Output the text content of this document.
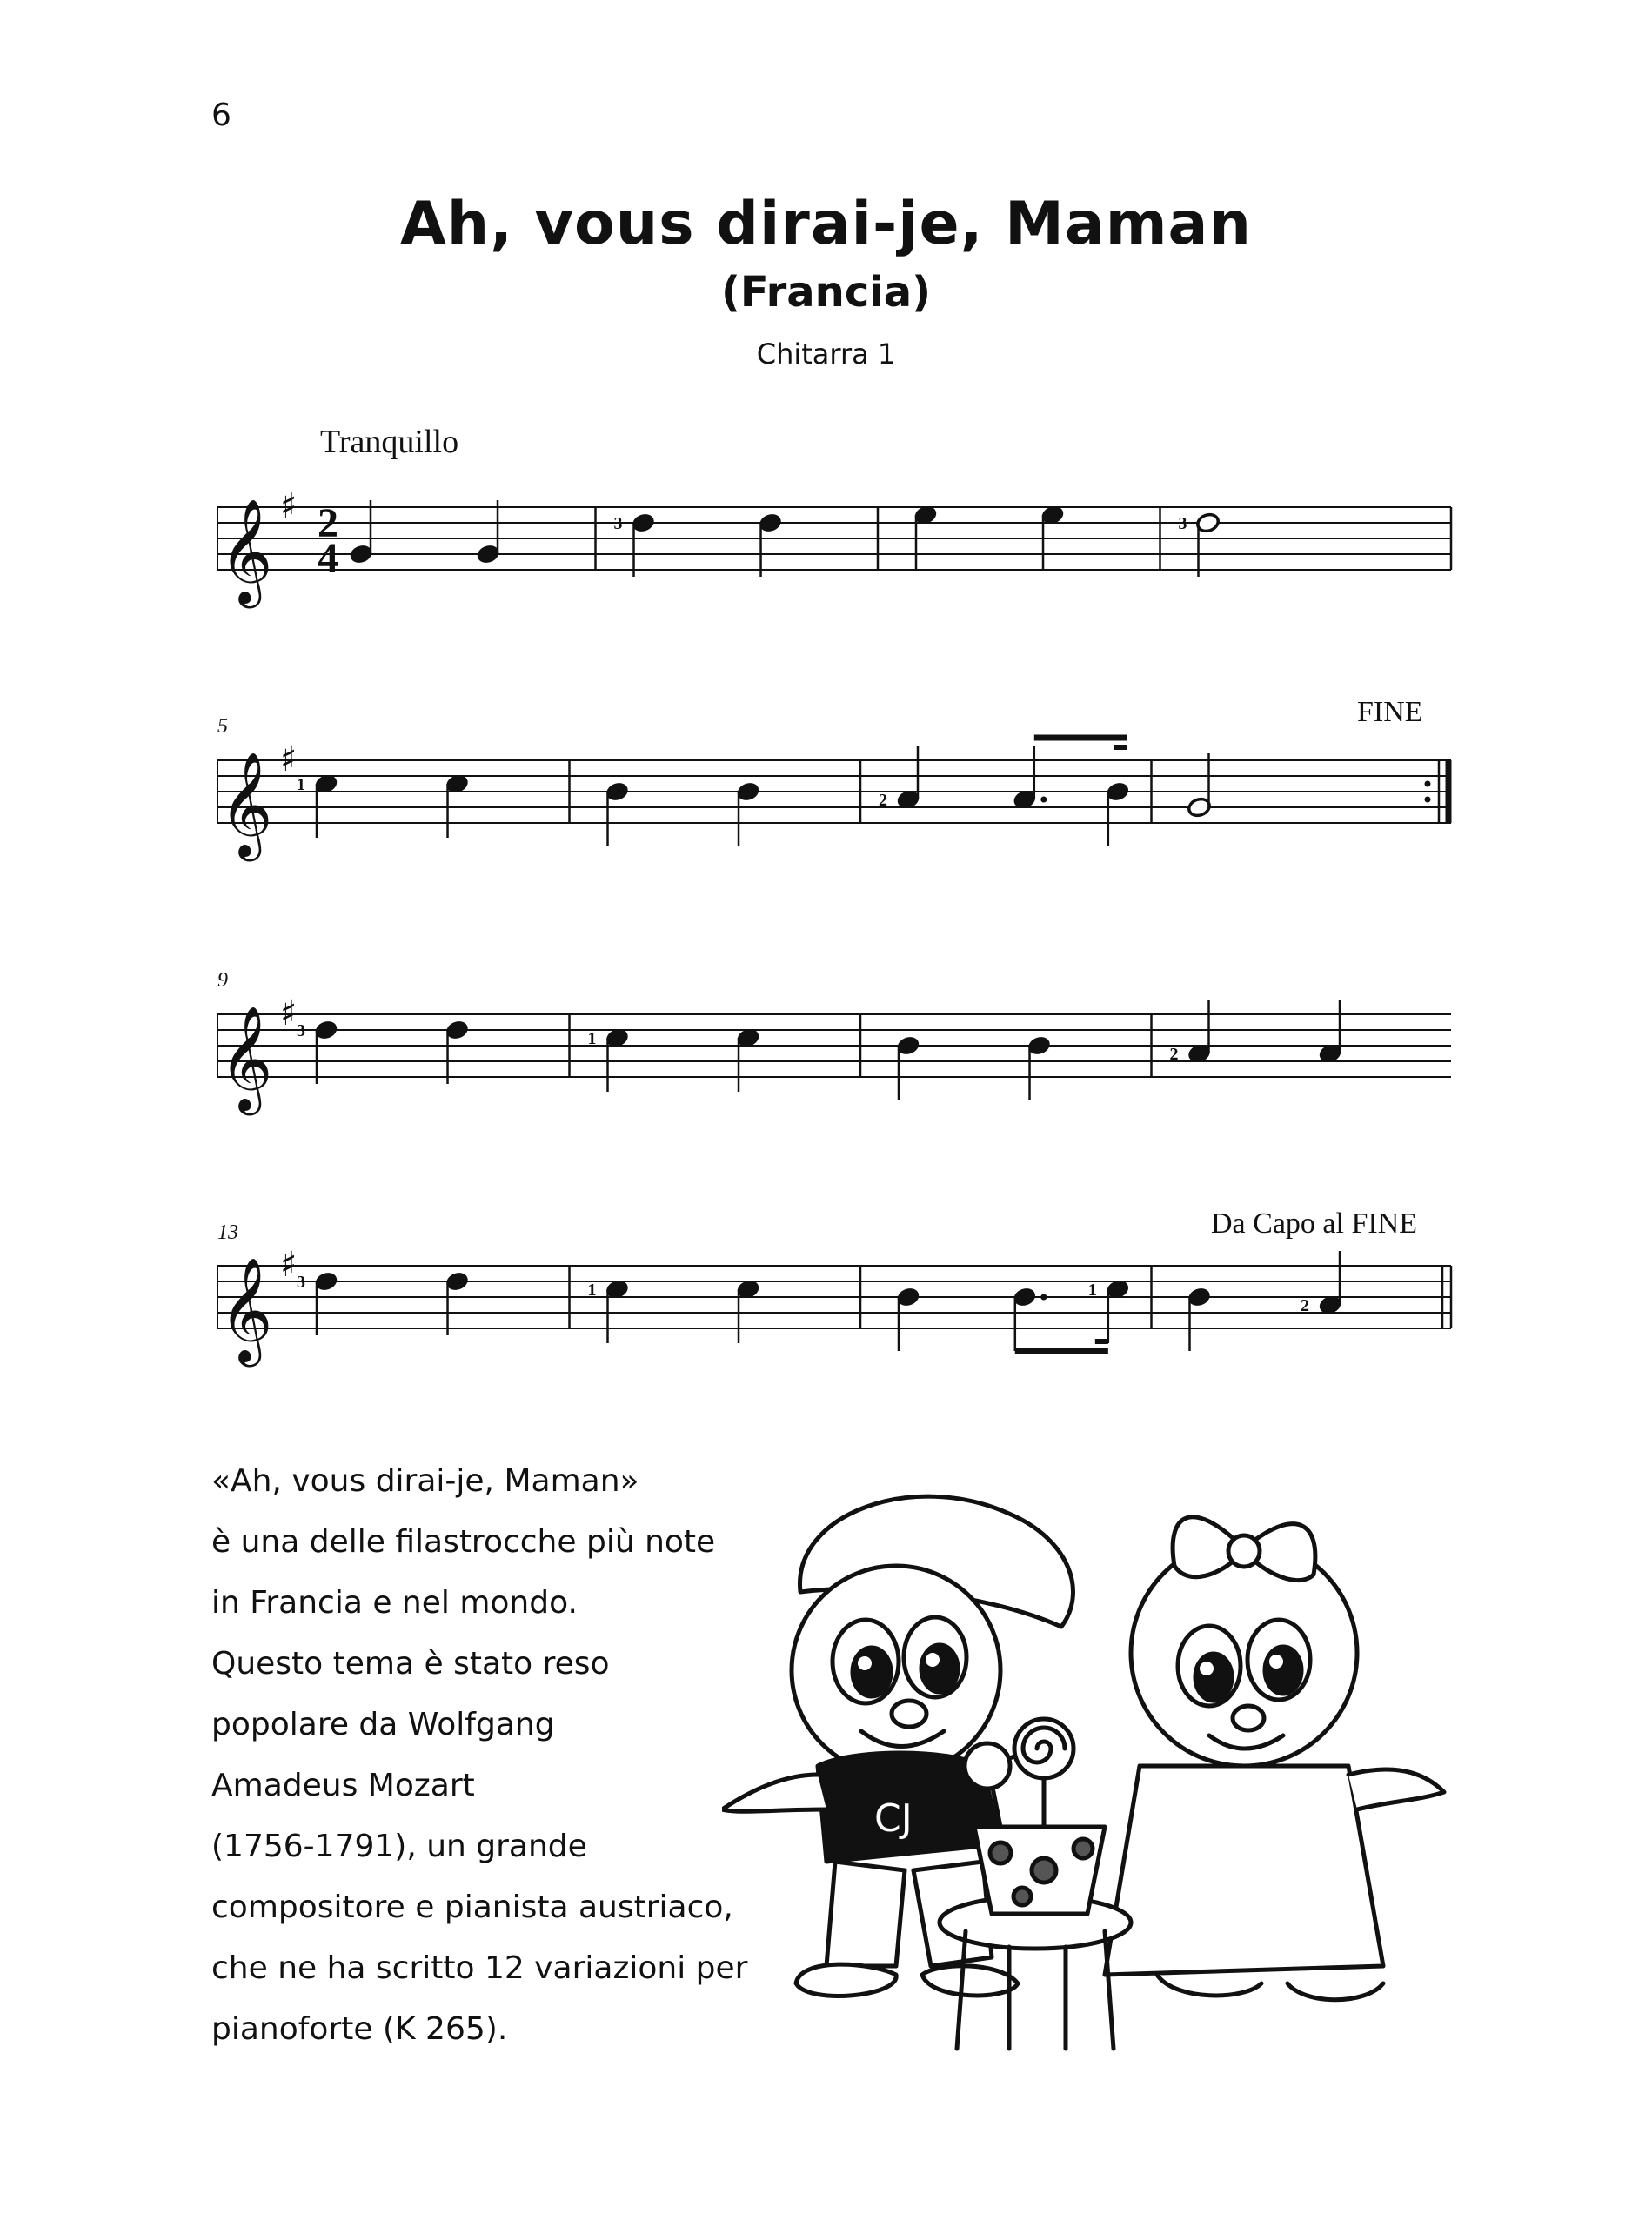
6
Ah, vous dirai-je, Maman
(Francia)
Chitarra 1
Tranquillo
FINE
Da Capo al FINE
5
9
13
𝄞 ♯ 2
4
3	3
𝄞 ♯
1
2
𝄞 ♯ 3	1
2
𝄞 ♯ 3	1	1
2

«Ah, vous dirai-je, Maman»

è una delle filastrocche più note

in Francia e nel mondo.

Questo tema è stato reso

popolare da Wolfgang

Amadeus Mozart

(1756-1791), un grande

compositore e pianista austriaco,

che ne ha scritto 12 variazioni per

pianoforte (K 265).

CJ
